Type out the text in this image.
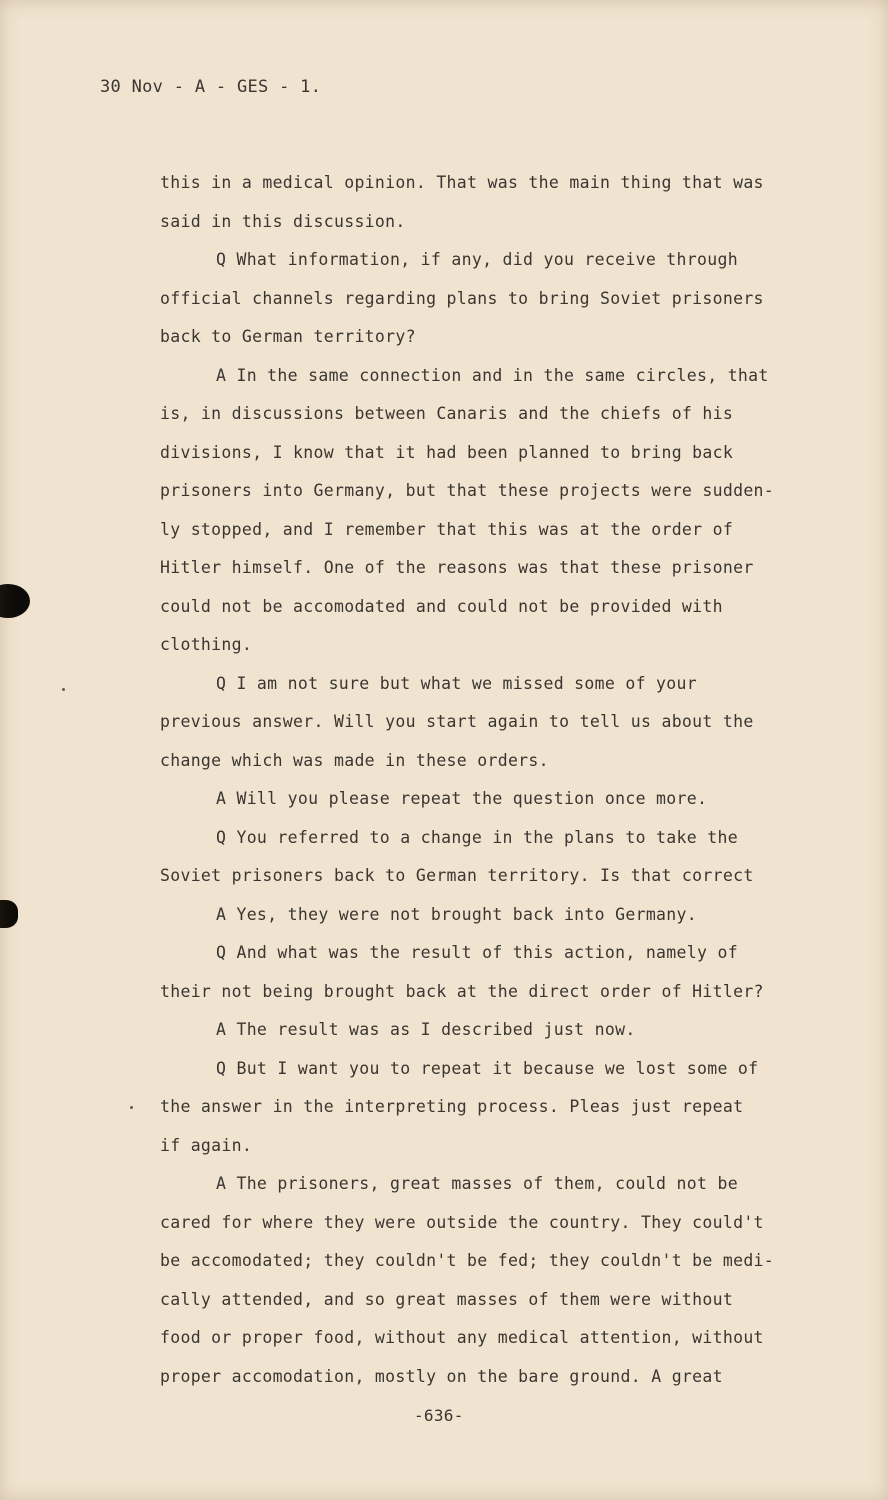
30 Nov - A - GES - 1.
this in a medical opinion. That was the main thing that was
said in this discussion.
Q What information, if any, did you receive through
official channels regarding plans to bring Soviet prisoners
back to German territory?
A In the same connection and in the same circles, that
is, in discussions between Canaris and the chiefs of his
divisions, I know that it had been planned to bring back
prisoners into Germany, but that these projects were sudden-
ly stopped, and I remember that this was at the order of
Hitler himself. One of the reasons was that these prisoner
could not be accomodated and could not be provided with
clothing.
Q I am not sure but what we missed some of your
previous answer. Will you start again to tell us about the
change which was made in these orders.
A Will you please repeat the question once more.
Q You referred to a change in the plans to take the
Soviet prisoners back to German territory. Is that correct
A Yes, they were not brought back into Germany.
Q And what was the result of this action, namely of
their not being brought back at the direct order of Hitler?
A The result was as I described just now.
Q But I want you to repeat it because we lost some of
the answer in the interpreting process. Pleas just repeat
if again.
A The prisoners, great masses of them, could not be
cared for where they were outside the country. They could't
be accomodated; they couldn't be fed; they couldn't be medi-
cally attended, and so great masses of them were without
food or proper food, without any medical attention, without
proper accomodation, mostly on the bare ground. A great
-636-
